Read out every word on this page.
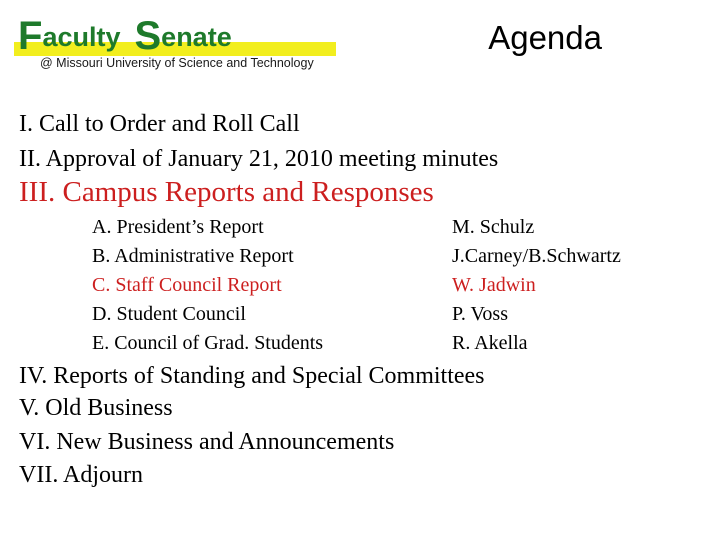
Faculty Senate
@ Missouri University of Science and Technology
Agenda
I. Call to Order and Roll Call
II. Approval of January 21, 2010 meeting minutes
III. Campus Reports and Responses
A. President’s Report	M. Schulz
B. Administrative Report	J.Carney/B.Schwartz
C. Staff Council Report	W. Jadwin
D. Student Council	P. Voss
E. Council of Grad. Students	R. Akella
IV. Reports of Standing and Special Committees
V. Old Business
VI. New Business and Announcements
VII. Adjourn
